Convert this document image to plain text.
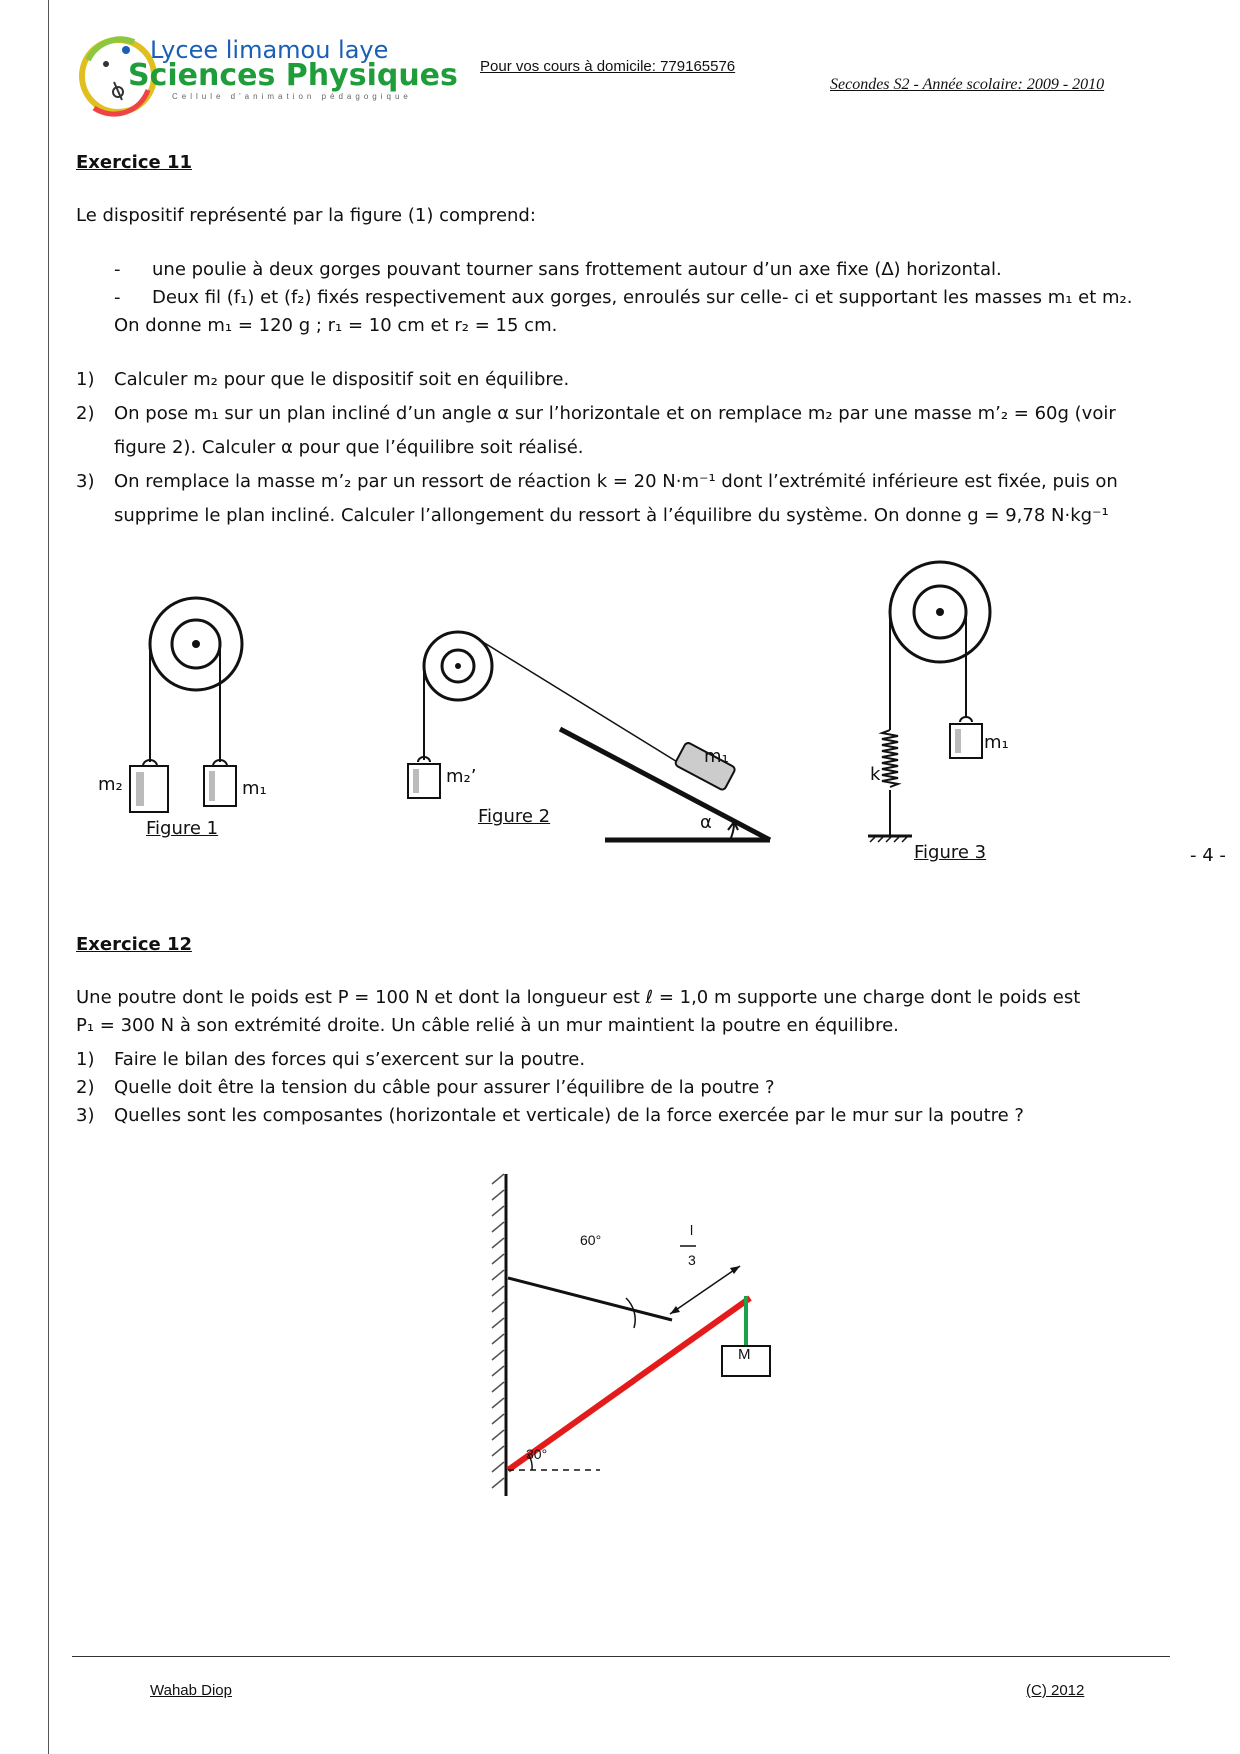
Lycee limamou laye
Sciences Physiques
Cellule d'animation pédagogique
Pour vos cours à domicile: 779165576
Secondes S2 - Année scolaire: 2009 - 2010
Exercice 11
Le dispositif représenté par la figure (1) comprend:
- une poulie à deux gorges pouvant tourner sans frottement autour d’un axe fixe (∆) horizontal.
- Deux fil (f₁) et (f₂) fixés respectivement aux gorges, enroulés sur celle- ci et supportant les masses m₁ et m₂.
On donne m₁ = 120 g ; r₁ = 10 cm et r₂ = 15 cm.
1) Calculer m₂ pour que le dispositif soit en équilibre.
2) On pose m₁ sur un plan incliné d’un angle α sur l’horizontale et on remplace m₂ par une masse m’₂ = 60g (voir
figure 2). Calculer α pour que l’équilibre soit réalisé.
3) On remplace la masse m’₂ par un ressort de réaction k = 20 N·m⁻¹ dont l’extrémité inférieure est fixée, puis on
supprime le plan incliné. Calculer l’allongement du ressort à l’équilibre du système. On donne g = 9,78 N·kg⁻¹
m₂	m₁
Figure 1
m₂’
m₁
α
Figure 2
k
m₁
Figure 3	- 4 -
Exercice 12
Une poutre dont le poids est P = 100 N et dont la longueur est ℓ = 1,0 m supporte une charge dont le poids est
P₁ = 300 N à son extrémité droite. Un câble relié à un mur maintient la poutre en équilibre.
1) Faire le bilan des forces qui s’exercent sur la poutre.
2) Quelle doit être la tension du câble pour assurer l’équilibre de la poutre ?
3) Quelles sont les composantes (horizontale et verticale) de la force exercée par le mur sur la poutre ?
60°
30°
l
3
M
Wahab Diop	(C) 2012
